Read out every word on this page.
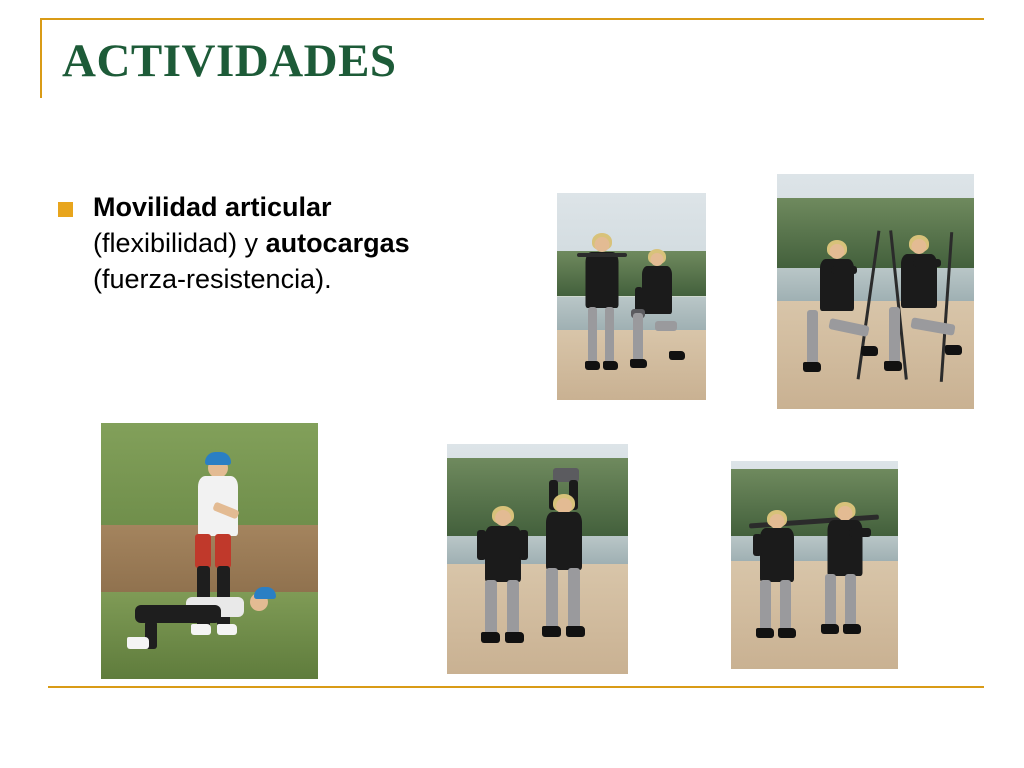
ACTIVIDADES
Movilidad articular (flexibilidad) y autocargas (fuerza-resistencia).
